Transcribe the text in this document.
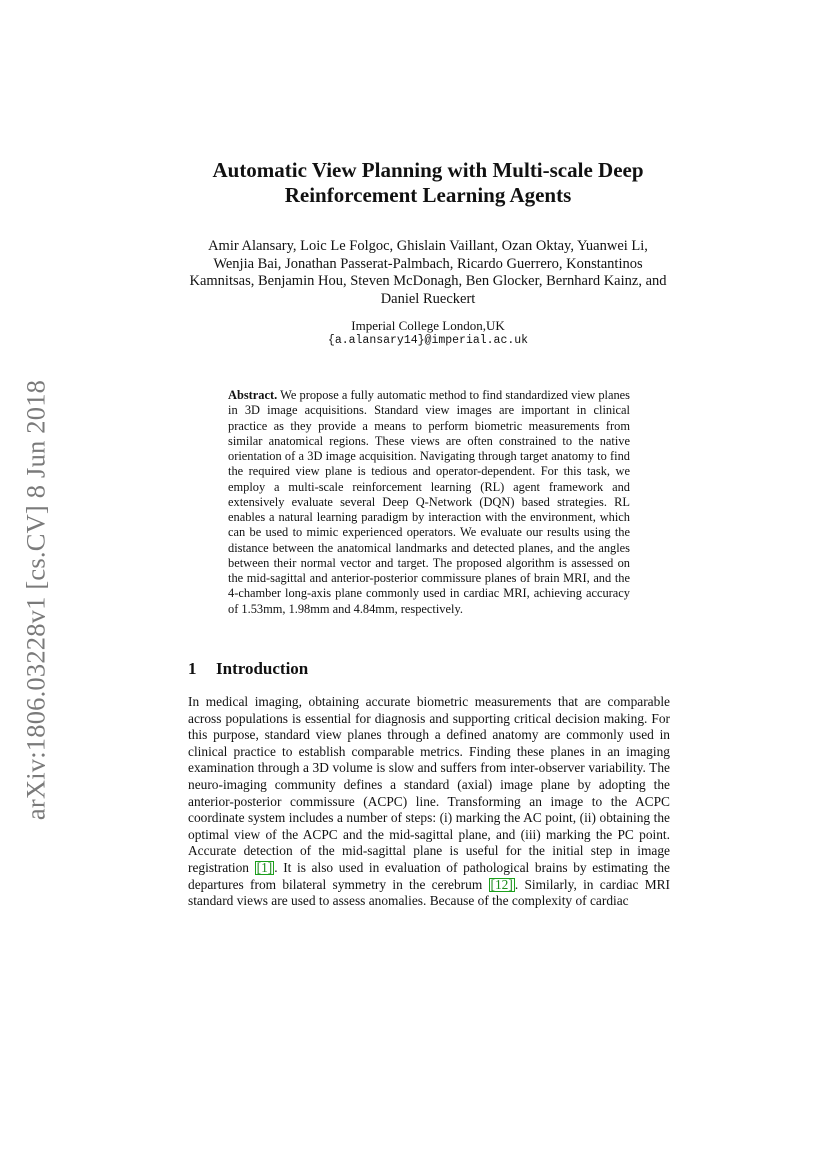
arXiv:1806.03228v1 [cs.CV] 8 Jun 2018
Automatic View Planning with Multi-scale Deep Reinforcement Learning Agents
Amir Alansary, Loic Le Folgoc, Ghislain Vaillant, Ozan Oktay, Yuanwei Li, Wenjia Bai, Jonathan Passerat-Palmbach, Ricardo Guerrero, Konstantinos Kamnitsas, Benjamin Hou, Steven McDonagh, Ben Glocker, Bernhard Kainz, and Daniel Rueckert
Imperial College London,UK
{a.alansary14}@imperial.ac.uk
Abstract. We propose a fully automatic method to find standardized view planes in 3D image acquisitions. Standard view images are important in clinical practice as they provide a means to perform biometric measurements from similar anatomical regions. These views are often constrained to the native orientation of a 3D image acquisition. Navigating through target anatomy to find the required view plane is tedious and operator-dependent. For this task, we employ a multi-scale reinforcement learning (RL) agent framework and extensively evaluate several Deep Q-Network (DQN) based strategies. RL enables a natural learning paradigm by interaction with the environment, which can be used to mimic experienced operators. We evaluate our results using the distance between the anatomical landmarks and detected planes, and the angles between their normal vector and target. The proposed algorithm is assessed on the mid-sagittal and anterior-posterior commissure planes of brain MRI, and the 4-chamber long-axis plane commonly used in cardiac MRI, achieving accuracy of 1.53mm, 1.98mm and 4.84mm, respectively.
1 Introduction
In medical imaging, obtaining accurate biometric measurements that are comparable across populations is essential for diagnosis and supporting critical decision making. For this purpose, standard view planes through a defined anatomy are commonly used in clinical practice to establish comparable metrics. Finding these planes in an imaging examination through a 3D volume is slow and suffers from inter-observer variability. The neuro-imaging community defines a standard (axial) image plane by adopting the anterior-posterior commissure (ACPC) line. Transforming an image to the ACPC coordinate system includes a number of steps: (i) marking the AC point, (ii) obtaining the optimal view of the ACPC and the mid-sagittal plane, and (iii) marking the PC point. Accurate detection of the mid-sagittal plane is useful for the initial step in image registration [1] . It is also used in evaluation of pathological brains by estimating the departures from bilateral symmetry in the cerebrum [12] . Similarly, in cardiac MRI standard views are used to assess anomalies. Because of the complexity of cardiac
